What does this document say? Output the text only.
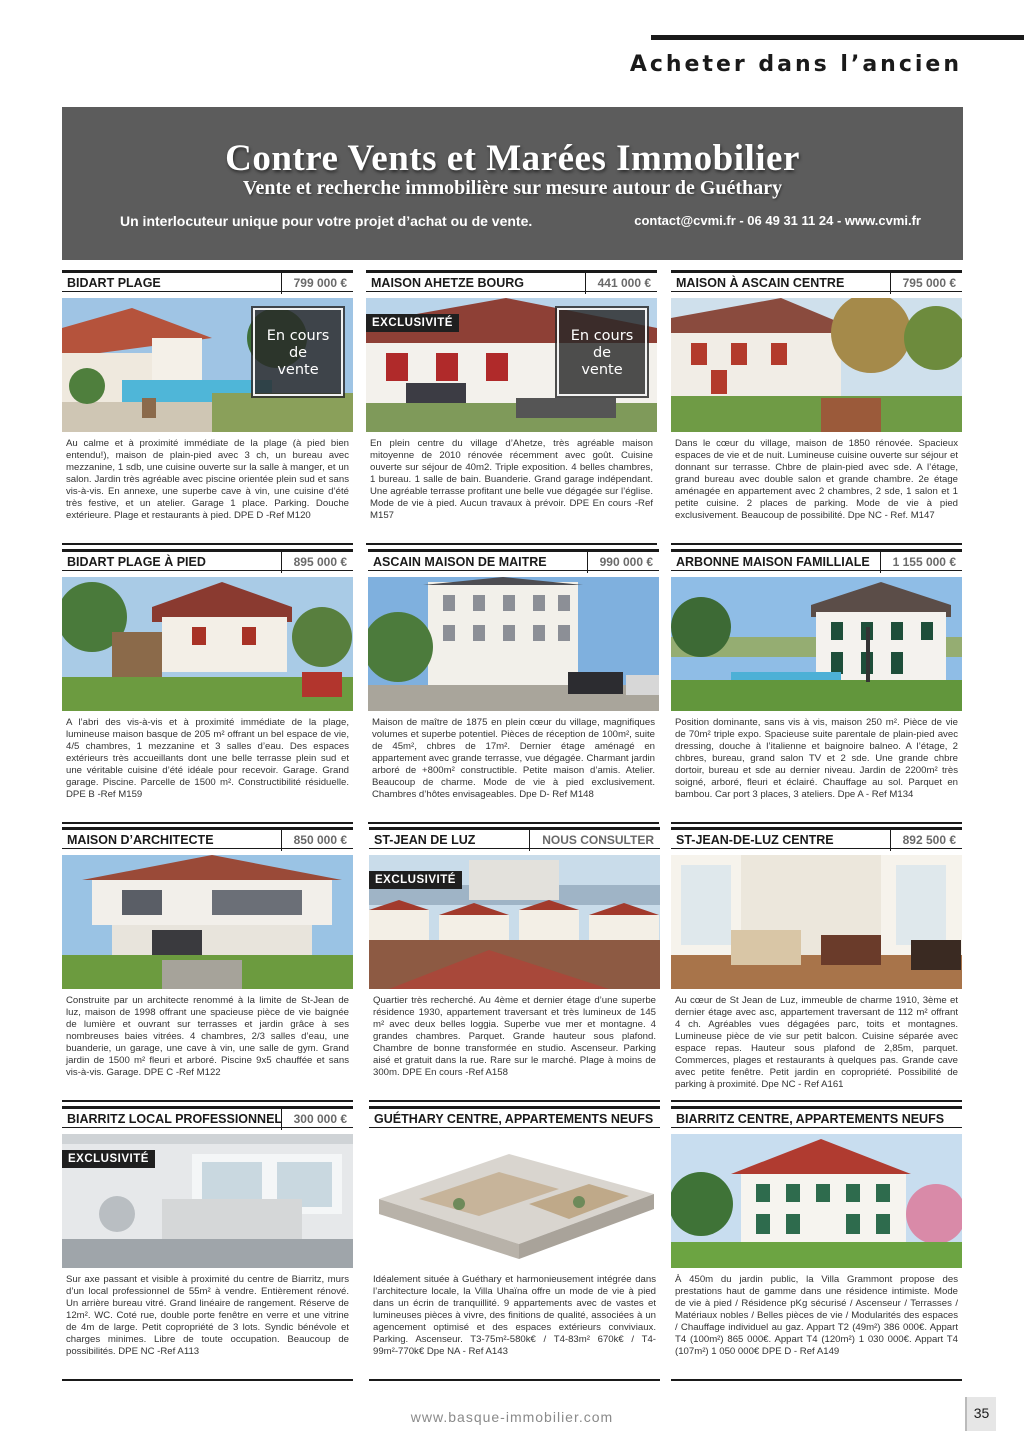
Acheter dans l’ancien
Contre Vents et Marées Immobilier
Vente et recherche immobilière sur mesure autour de Guéthary
Un interlocuteur unique pour votre projet d’achat ou de vente.	contact@cvmi.fr - 06 49 31 11 24 - www.cvmi.fr
BIDART PLAGE	799 000 €
En cours
de
vente
Au calme et à proximité immédiate de la plage (à pied bien entendu!), maison de plain-pied avec 3 ch, un bureau avec mezzanine, 1 sdb, une cuisine ouverte sur la salle à manger, et un salon. Jardin très agréable avec piscine orientée plein sud et sans vis-à-vis. En annexe, une superbe cave à vin, une cuisine d’été très festive, et un atelier. Garage 1 place. Parking. Douche extérieure. Plage et restaurants à pied. DPE D -Ref M120
MAISON AHETZE BOURG	441 000 €
EXCLUSIVITÉ
En cours
de
vente
En plein centre du village d’Ahetze, très agréable maison mitoyenne de 2010 rénovée récemment avec goût. Cuisine ouverte sur séjour de 40m2. Triple exposition. 4 belles chambres, 1 bureau. 1 salle de bain. Buanderie. Grand garage indépendant. Une agréable terrasse profitant une belle vue dégagée sur l’église. Mode de vie à pied. Aucun travaux à prévoir. DPE En cours -Ref M157
MAISON À ASCAIN CENTRE	795 000 €
Dans le cœur du village, maison de 1850 rénovée. Spacieux espaces de vie et de nuit. Lumineuse cuisine ouverte sur séjour et donnant sur terrasse. Chbre de plain-pied avec sde. A l’étage, grand bureau avec double salon et grande chambre. 2e étage aménagée en appartement avec 2 chambres, 2 sde, 1 salon et 1 petite cuisine. 2 places de parking. Mode de vie à pied exclusivement. Beaucoup de possibilité. Dpe NC - Ref. M147
BIDART PLAGE À PIED	895 000 €
A l’abri des vis-à-vis et à proximité immédiate de la plage, lumineuse maison basque de 205 m² offrant un bel espace de vie, 4/5 chambres, 1 mezzanine et 3 salles d’eau. Des espaces extérieurs très accueillants dont une belle terrasse plein sud et une véritable cuisine d’été idéale pour recevoir. Garage. Grand garage. Piscine. Parcelle de 1500 m². Constructibilité résiduelle. DPE B -Ref M159
ASCAIN MAISON DE MAITRE	990 000 €
Maison de maître de 1875 en plein cœur du village, magnifiques volumes et superbe potentiel. Pièces de réception de 100m², suite de 45m², chbres de 17m². Dernier étage aménagé en appartement avec grande terrasse, vue dégagée. Charmant jardin arboré de +800m² constructible. Petite maison d’amis. Atelier. Beaucoup de charme. Mode de vie à pied exclusivement. Chambres d’hôtes envisageables. Dpe D- Ref M148
ARBONNE MAISON FAMILLIALE	1 155 000 €
Position dominante, sans vis à vis, maison 250 m². Pièce de vie de 70m² triple expo. Spacieuse suite parentale de plain-pied avec dressing, douche à l’italienne et baignoire balneo. A l’étage, 2 chbres, bureau, grand salon TV et 2 sde. Une grande chbre dortoir, bureau et sde au dernier niveau. Jardin de 2200m² très soigné, arboré, fleuri et éclairé. Chauffage au sol. Parquet en bambou. Car port 3 places, 3 ateliers. Dpe A - Ref M134
MAISON D’ARCHITECTE	850 000 €
Construite par un architecte renommé à la limite de St-Jean de luz, maison de 1998 offrant une spacieuse pièce de vie baignée de lumière et ouvrant sur terrasses et jardin grâce à ses nombreuses baies vitrées. 4 chambres, 2/3 salles d’eau, une buanderie, un garage, une cave à vin, une salle de gym. Grand jardin de 1500 m² fleuri et arboré. Piscine 9x5 chauffée et sans vis-à-vis. Garage. DPE C -Ref M122
ST-JEAN DE LUZ	NOUS CONSULTER
EXCLUSIVITÉ
Quartier très recherché. Au 4ème et dernier étage d’une superbe résidence 1930, appartement traversant et très lumineux de 145 m² avec deux belles loggia. Superbe vue mer et montagne. 4 grandes chambres. Parquet. Grande hauteur sous plafond. Chambre de bonne transformée en studio. Ascenseur. Parking aisé et gratuit dans la rue. Rare sur le marché. Plage à moins de 300m. DPE En cours -Ref A158
ST-JEAN-DE-LUZ CENTRE	892 500 €
Au cœur de St Jean de Luz, immeuble de charme 1910, 3ème et dernier étage avec asc, appartement traversant de 112 m² offrant 4 ch. Agréables vues dégagées parc, toits et montagnes. Lumineuse pièce de vie sur petit balcon. Cuisine séparée avec espace repas. Hauteur sous plafond de 2,85m, parquet. Commerces, plages et restaurants à quelques pas. Grande cave avec petite fenêtre. Petit jardin en copropriété. Possibilité de parking à proximité. Dpe NC - Ref A161
BIARRITZ LOCAL PROFESSIONNEL 300 000 €
EXCLUSIVITÉ
Sur axe passant et visible à proximité du centre de Biarritz, murs d’un local professionnel de 55m² à vendre. Entièrement rénové. Un arrière bureau vitré. Grand linéaire de rangement. Réserve de 12m². WC. Coté rue, double porte fenêtre en verre et une vitrine de 4m de large. Petit copropriété de 3 lots. Syndic bénévole et charges minimes. Libre de toute occupation. Beaucoup de possibilités. DPE NC -Ref A113
GUÉTHARY CENTRE, APPARTEMENTS NEUFS
Idéalement située à Guéthary et harmonieusement intégrée dans l’architecture locale, la Villa Uhaïna offre un mode de vie à pied dans un écrin de tranquillité. 9 appartements avec de vastes et lumineuses pièces à vivre, des finitions de qualité, associées à un agencement optimisé et des espaces extérieurs conviviaux. Parking. Ascenseur. T3-75m²-580k€ / T4-83m² 670k€ / T4-99m²-770k€ Dpe NA - Ref A143
BIARRITZ CENTRE, APPARTEMENTS NEUFS
À 450m du jardin public, la Villa Grammont propose des prestations haut de gamme dans une résidence intimiste. Mode de vie à pied / Résidence pKg sécurisé / Ascenseur / Terrasses / Matériaux nobles / Belles pièces de vie / Modularités des espaces / Chauffage individuel au gaz. Appart T2 (49m²) 386 000€. Appart T4 (100m²) 865 000€. Appart T4 (120m²) 1 030 000€. Appart T4 (107m²) 1 050 000€ DPE D - Ref A149
www.basque-immobilier.com	35
